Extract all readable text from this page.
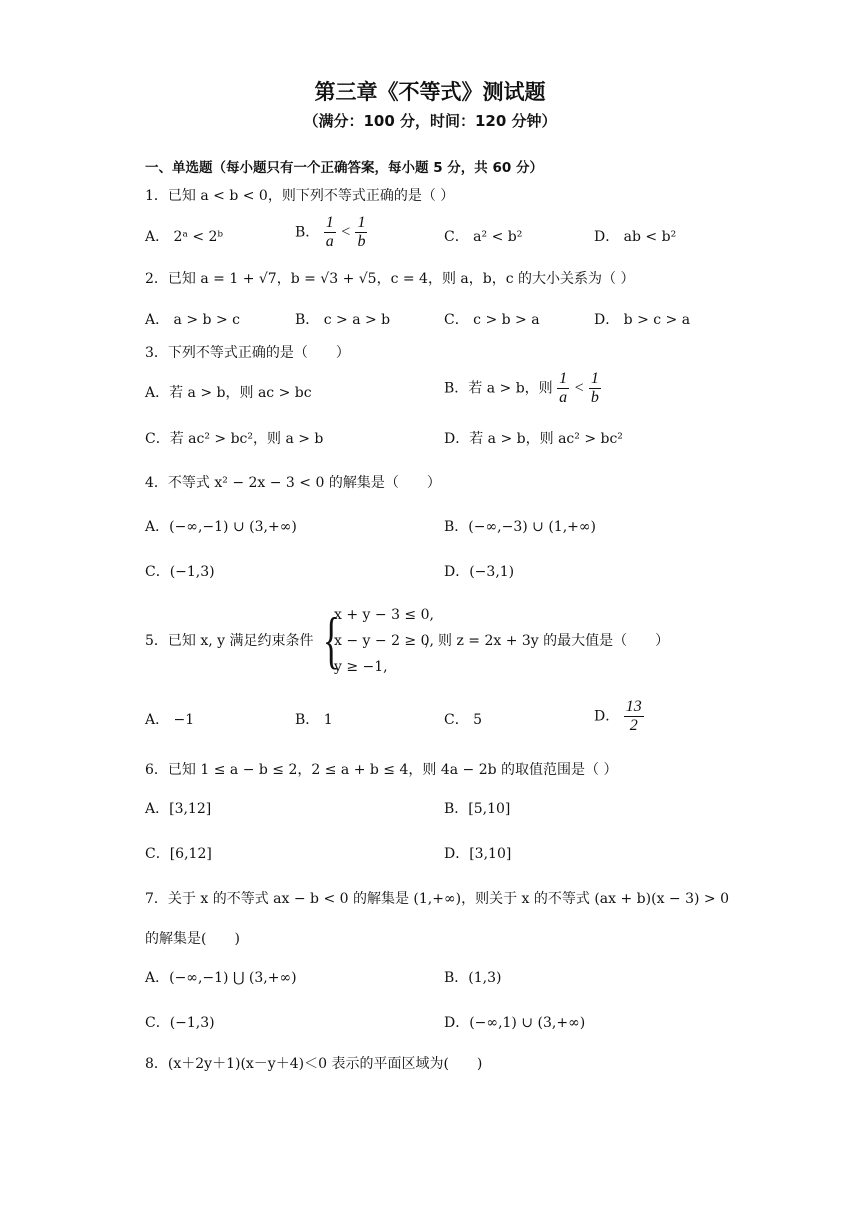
第三章《不等式》测试题
（满分：100 分，时间：120 分钟）
一、单选题（每小题只有一个正确答案，每小题 5 分，共 60 分）
1．已知 a < b < 0，则下列不等式正确的是（ ）
A． 2ᵃ < 2ᵇ	B． $\frac{1}{a} < \frac{1}{b}$	C． a² < b²	D． ab < b²
2．已知 a = 1 + √7，b = √3 + √5，c = 4，则 a，b，c 的大小关系为（ ）
A． a > b > c	B． c > a > b	C． c > b > a	D． b > c > a
3．下列不等式正确的是（　　）
A．若 a > b，则 ac > bc	B．若 a > b，则 $\frac{1}{a} < \frac{1}{b}$
C．若 ac² > bc²，则 a > b	D．若 a > b，则 ac² > bc²
4．不等式 x² − 2x − 3 < 0 的解集是（　　）
A．(−∞,−1) ∪ (3,+∞)	B．(−∞,−3) ∪ (1,+∞)
C．(−1,3)	D．(−3,1)
5．已知 x, y 满足约束条件 {
x + y − 3 ≤ 0,
x − y − 2 ≥ 0,
y ≥ −1,
，则 z = 2x + 3y 的最大值是（　　）
A． −1	B． 1	C． 5	D． $\frac{13}{2}$
6．已知 1 ≤ a − b ≤ 2，2 ≤ a + b ≤ 4，则 4a − 2b 的取值范围是（ ）
A．[3,12]	B．[5,10]
C．[6,12]	D．[3,10]
7．关于 x 的不等式 ax − b < 0 的解集是 (1,+∞)，则关于 x 的不等式 (ax + b)(x − 3) > 0
的解集是(　　)
A．(−∞,−1) ⋃ (3,+∞)	B．(1,3)
C．(−1,3)	D．(−∞,1) ∪ (3,+∞)
8．(x＋2y＋1)(x－y＋4)＜0 表示的平面区域为(　　)
